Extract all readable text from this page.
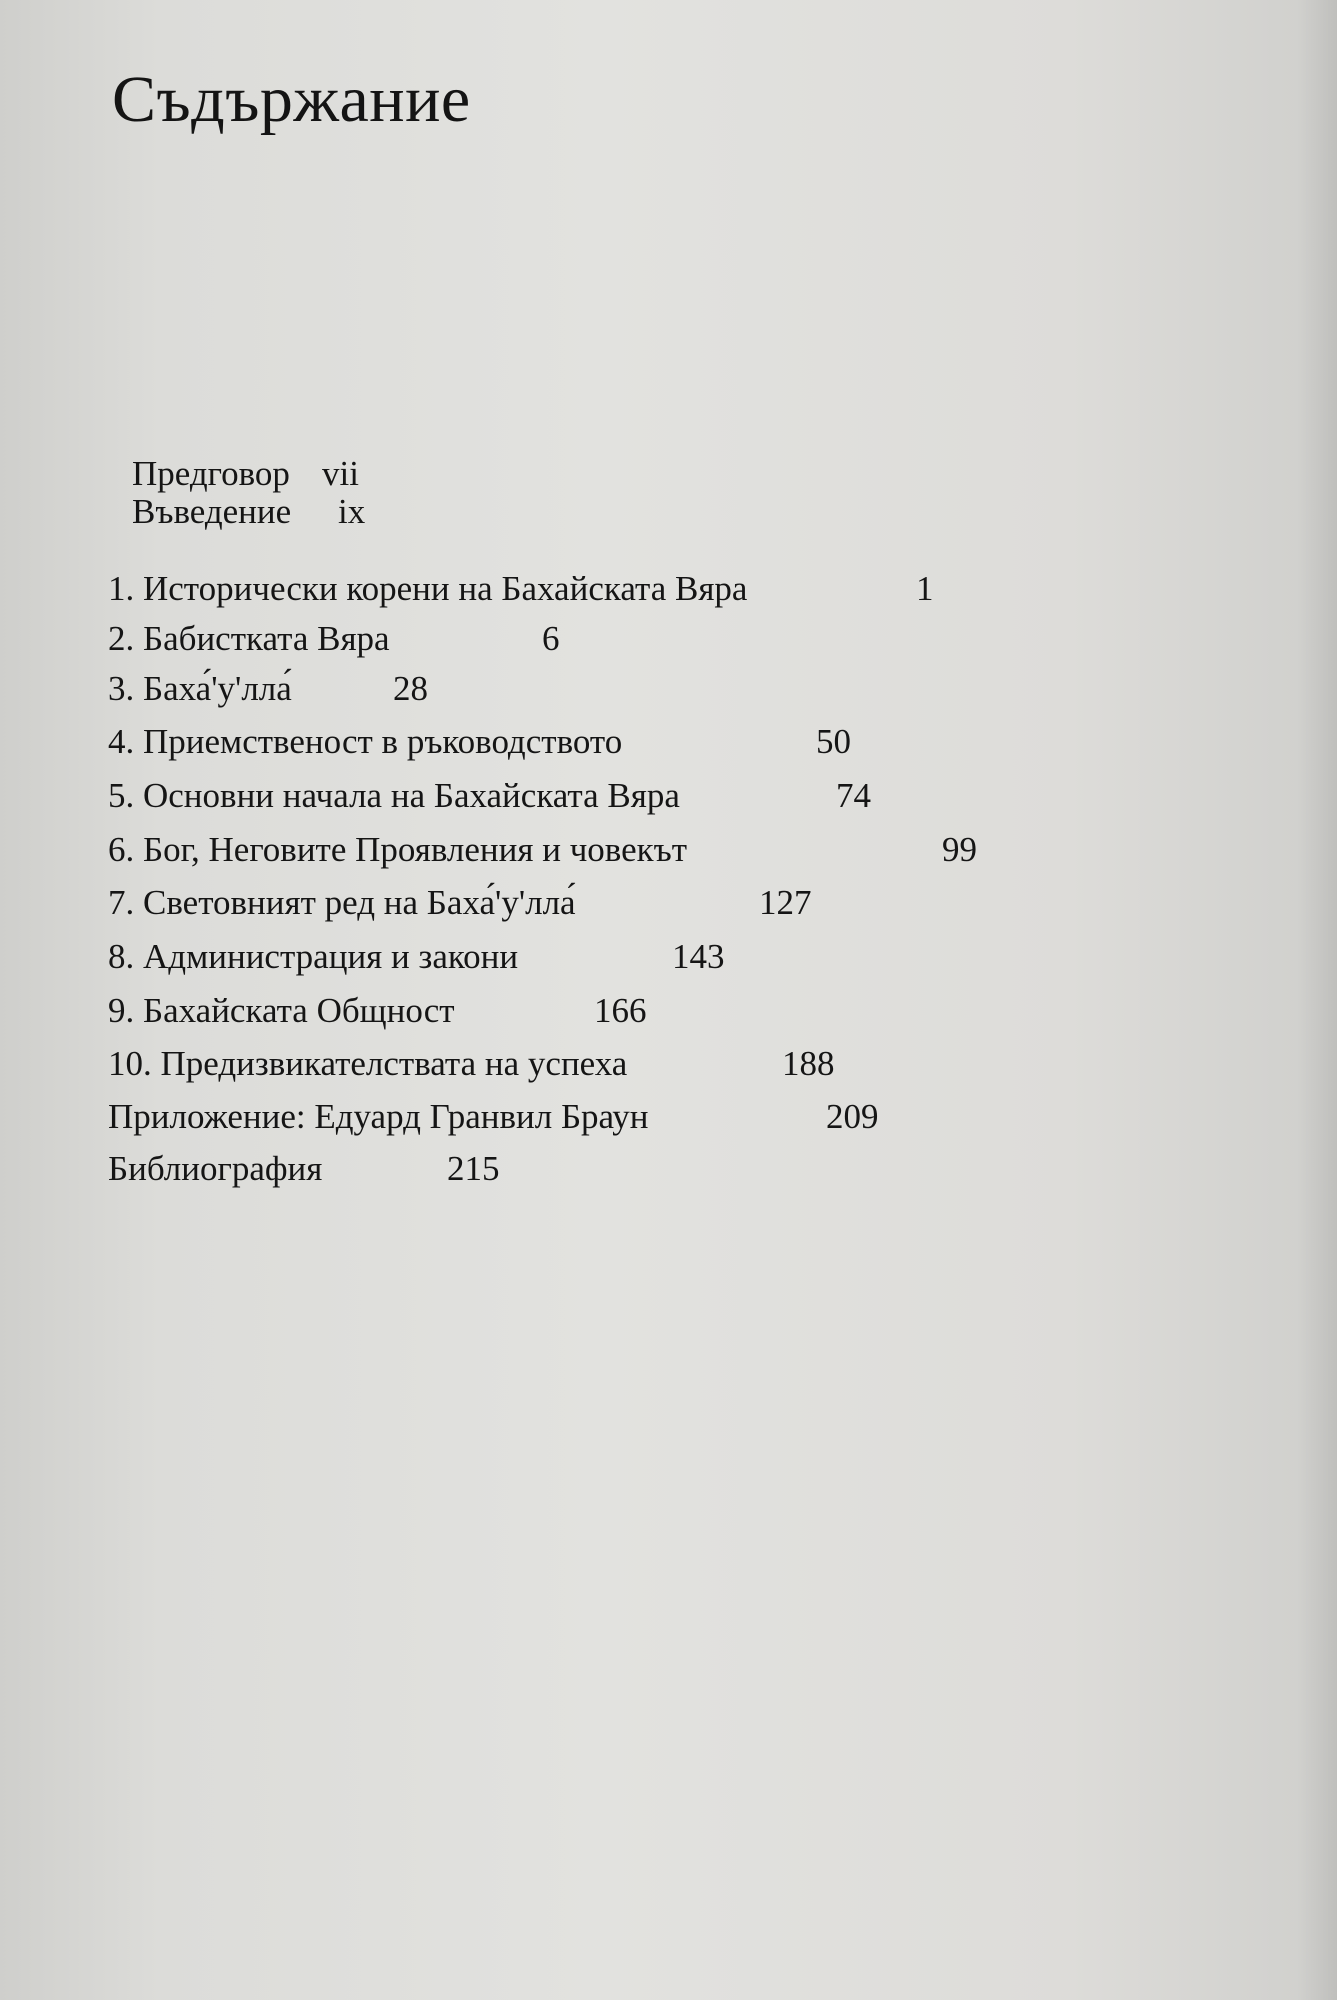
Съдържание
Предговор vii
Въведение ix
1. Исторически корени на Бахайската Вяра	1
2. Бабистката Вяра	6
3. Баха́'у'лла́	28
4. Приемственост в ръководството	50
5. Основни начала на Бахайската Вяра	74
6. Бог, Неговите Проявления и човекът	99
7. Световният ред на Баха́'у'лла́	127
8. Администрация и закони	143
9. Бахайската Общност	166
10. Предизвикателствата на успеха	188
Приложение: Едуард Гранвил Браун	209
Библиография	215
